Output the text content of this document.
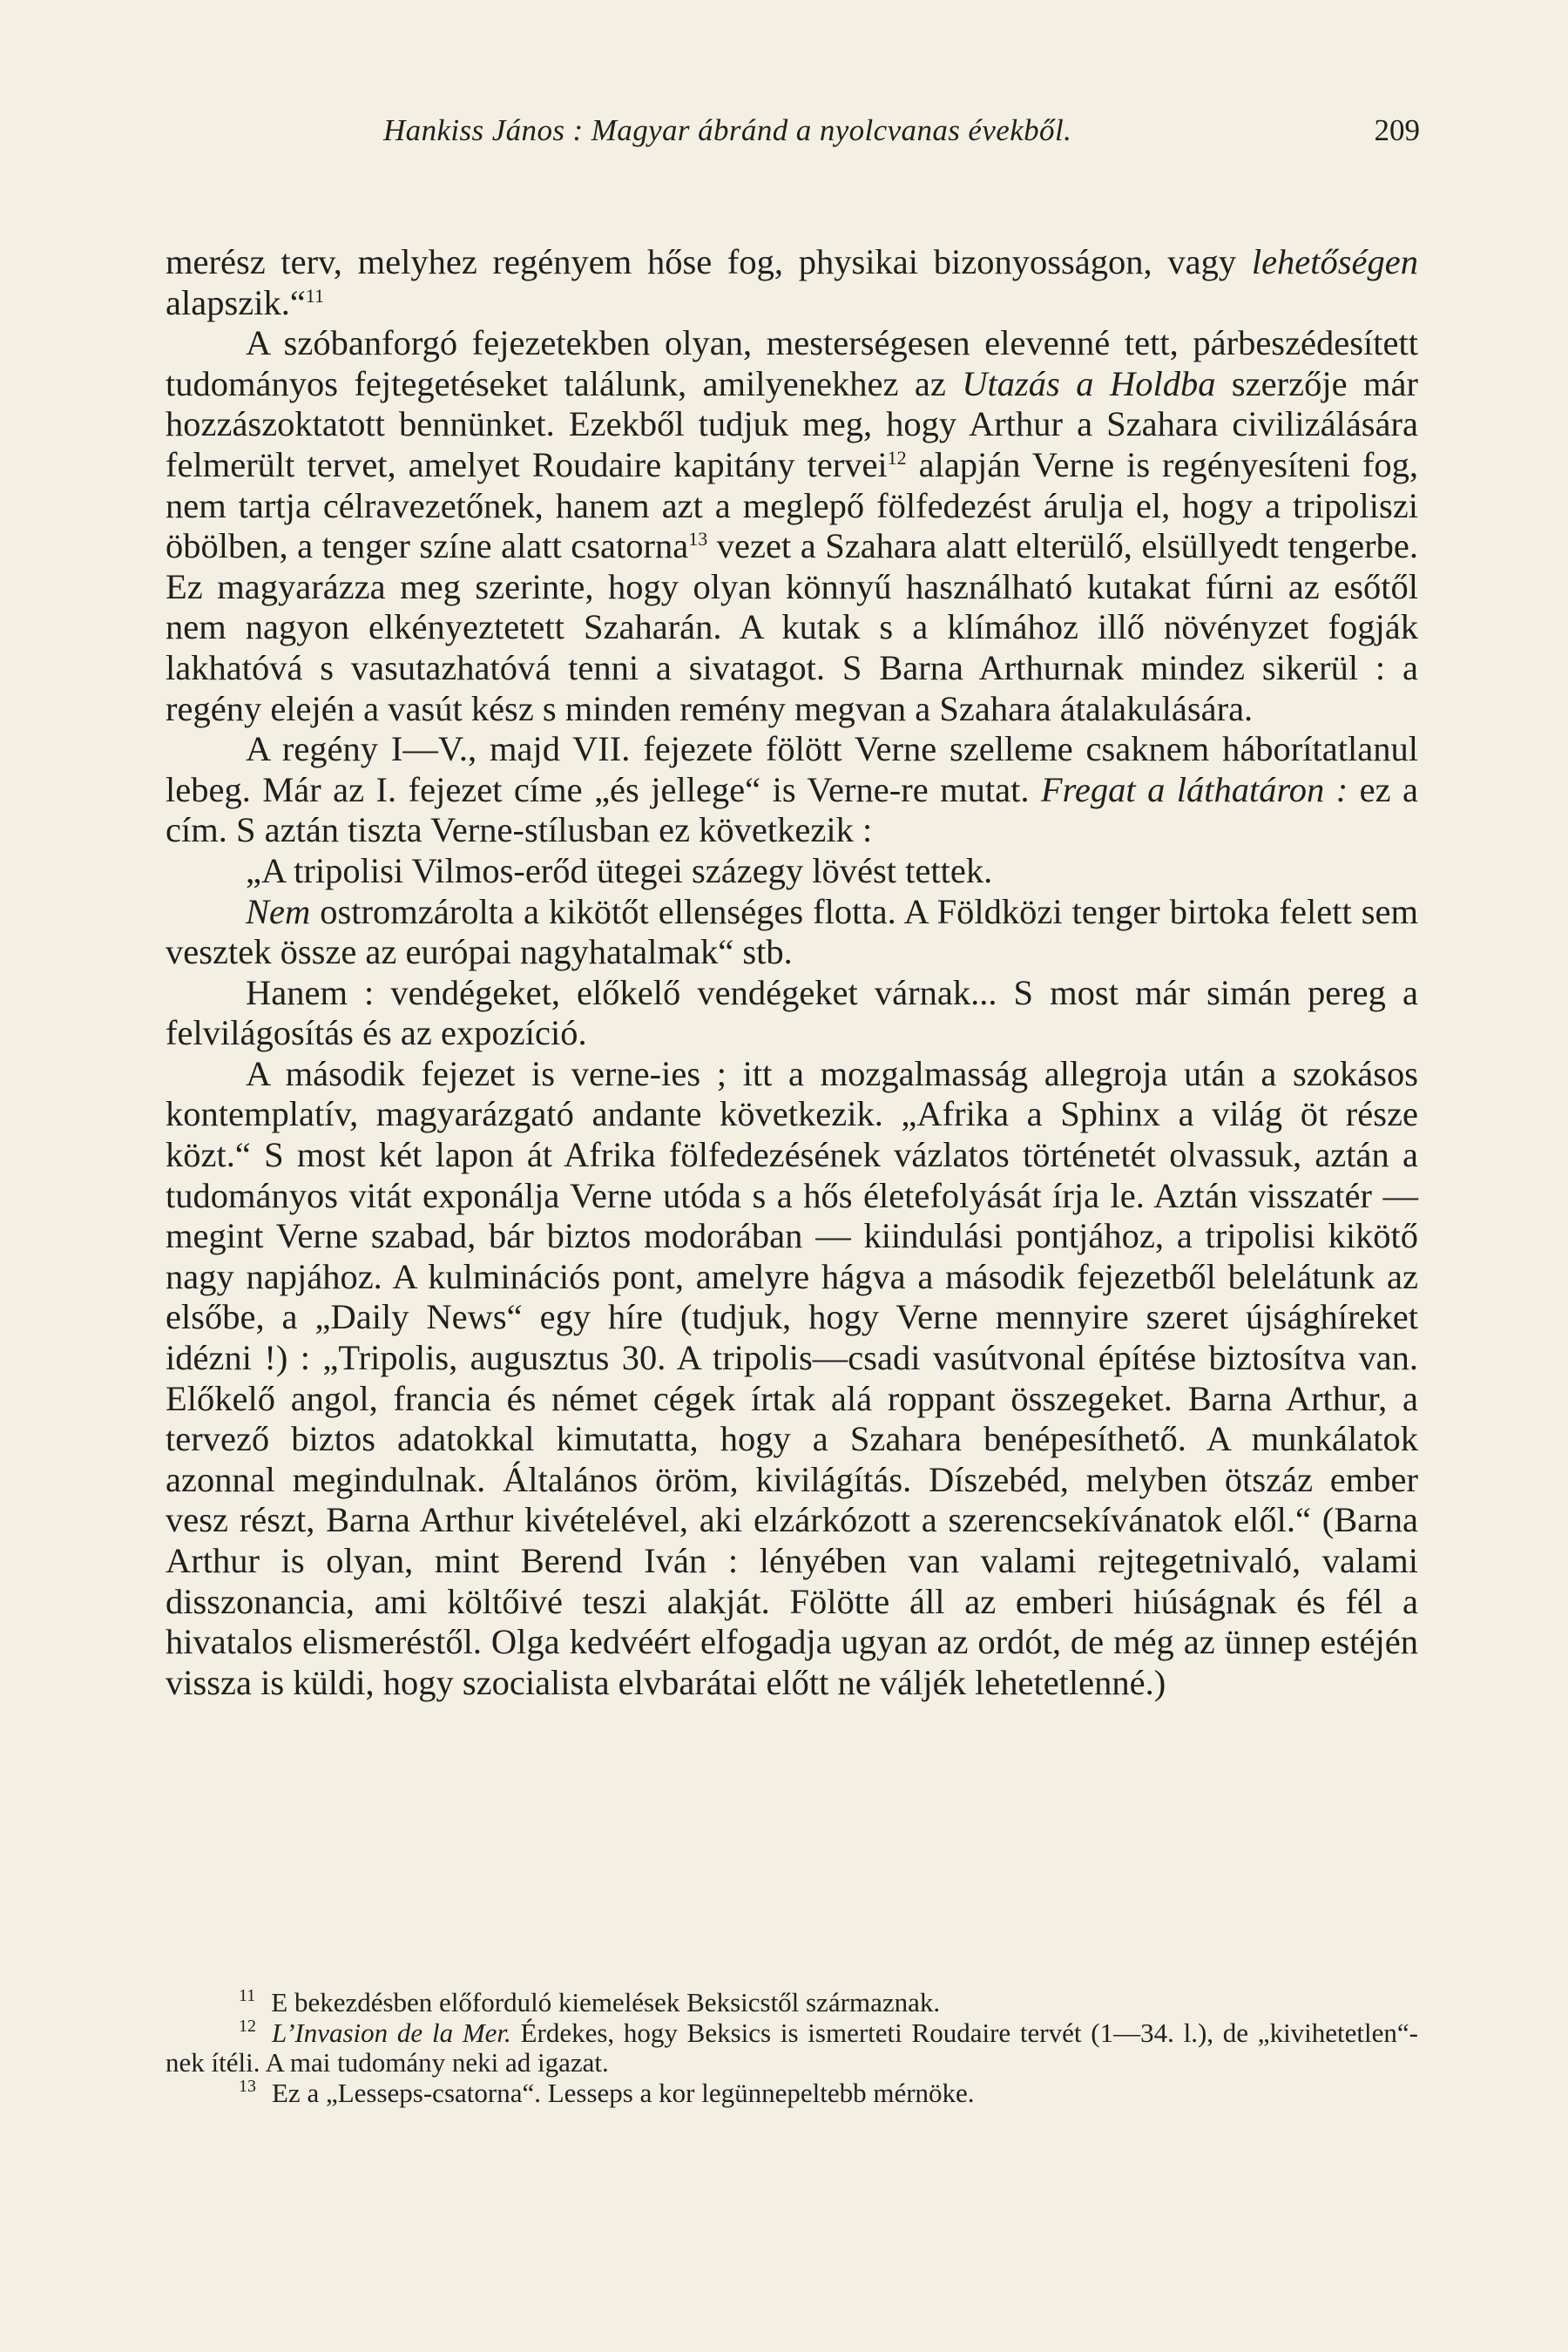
Hankiss János : Magyar ábránd a nyolcvanas évekből.	209

merész terv, melyhez regényem hőse fog, physikai bizonyosságon, vagy lehetőségen alapszik.“$^{11}$

A szóbanforgó fejezetekben olyan, mesterségesen elevenné tett, párbeszédesített tudományos fejtegetéseket találunk, amilyenekhez az Utazás a Holdba szerzője már hozzászoktatott bennünket. Ezekből tudjuk meg, hogy Arthur a Szahara civilizálására felmerült tervet, amelyet Roudaire kapitány tervei$^{12}$ alapján Verne is regényesíteni fog, nem tartja célravezetőnek, hanem azt a meglepő fölfedezést árulja el, hogy a tripoliszi öbölben, a tenger színe alatt csatorna$^{13}$ vezet a Szahara alatt elterülő, elsüllyedt tengerbe. Ez magyarázza meg szerinte, hogy olyan könnyű használható kutakat fúrni az esőtől nem nagyon elkényeztetett Szaharán. A kutak s a klímához illő növényzet fogják lakhatóvá s vasutazhatóvá tenni a sivatagot. S Barna Arthurnak mindez sikerül : a regény elején a vasút kész s minden remény megvan a Szahara átalakulására.

A regény I—V., majd VII. fejezete fölött Verne szelleme csaknem háborítatlanul lebeg. Már az I. fejezet címe „és jellege“ is Verne-re mutat. Fregat a láthatáron : ez a cím. S aztán tiszta Verne-stílusban ez következik :

„A tripolisi Vilmos-erőd ütegei százegy lövést tettek.

Nem ostromzárolta a kikötőt ellenséges flotta. A Földközi tenger birtoka felett sem vesztek össze az európai nagyhatalmak“ stb.

Hanem : vendégeket, előkelő vendégeket várnak... S most már simán pereg a felvilágosítás és az expozíció.

A második fejezet is verne-ies ; itt a mozgalmasság allegroja után a szokásos kontemplatív, magyarázgató andante következik. „Afrika a Sphinx a világ öt része közt.“ S most két lapon át Afrika fölfedezésének vázlatos történetét olvassuk, aztán a tudományos vitát exponálja Verne utóda s a hős életefolyását írja le. Aztán visszatér — megint Verne szabad, bár biztos modorában — kiindulási pontjához, a tripolisi kikötő nagy napjához. A kulminációs pont, amelyre hágva a második fejezetből belelátunk az elsőbe, a „Daily News“ egy híre (tudjuk, hogy Verne mennyire szeret újsághíreket idézni !) : „Tripolis, augusztus 30. A tripolis—csadi vasútvonal építése biztosítva van. Előkelő angol, francia és német cégek írtak alá roppant összegeket. Barna Arthur, a tervező biztos adatokkal kimutatta, hogy a Szahara benépesíthető. A munkálatok azonnal megindulnak. Általános öröm, kivilágítás. Díszebéd, melyben ötszáz ember vesz részt, Barna Arthur kivételével, aki elzárkózott a szerencsekívánatok elől.“ (Barna Arthur is olyan, mint Berend Iván : lényében van valami rejtegetnivaló, valami disszonancia, ami költőivé teszi alakját. Fölötte áll az emberi hiúságnak és fél a hivatalos elismeréstől. Olga kedvéért elfogadja ugyan az ordót, de még az ünnep estéjén vissza is küldi, hogy szocialista elvbarátai előtt ne váljék lehetetlenné.)

$^{11}$ E bekezdésben előforduló kiemelések Beksicstől származnak.

$^{12}$ L’Invasion de la Mer. Érdekes, hogy Beksics is ismerteti Roudaire tervét (1—34. l.), de „kivihetetlen“-nek ítéli. A mai tudomány neki ad igazat.

$^{13}$ Ez a „Lesseps-csatorna“. Lesseps a kor legünnepeltebb mérnöke.
